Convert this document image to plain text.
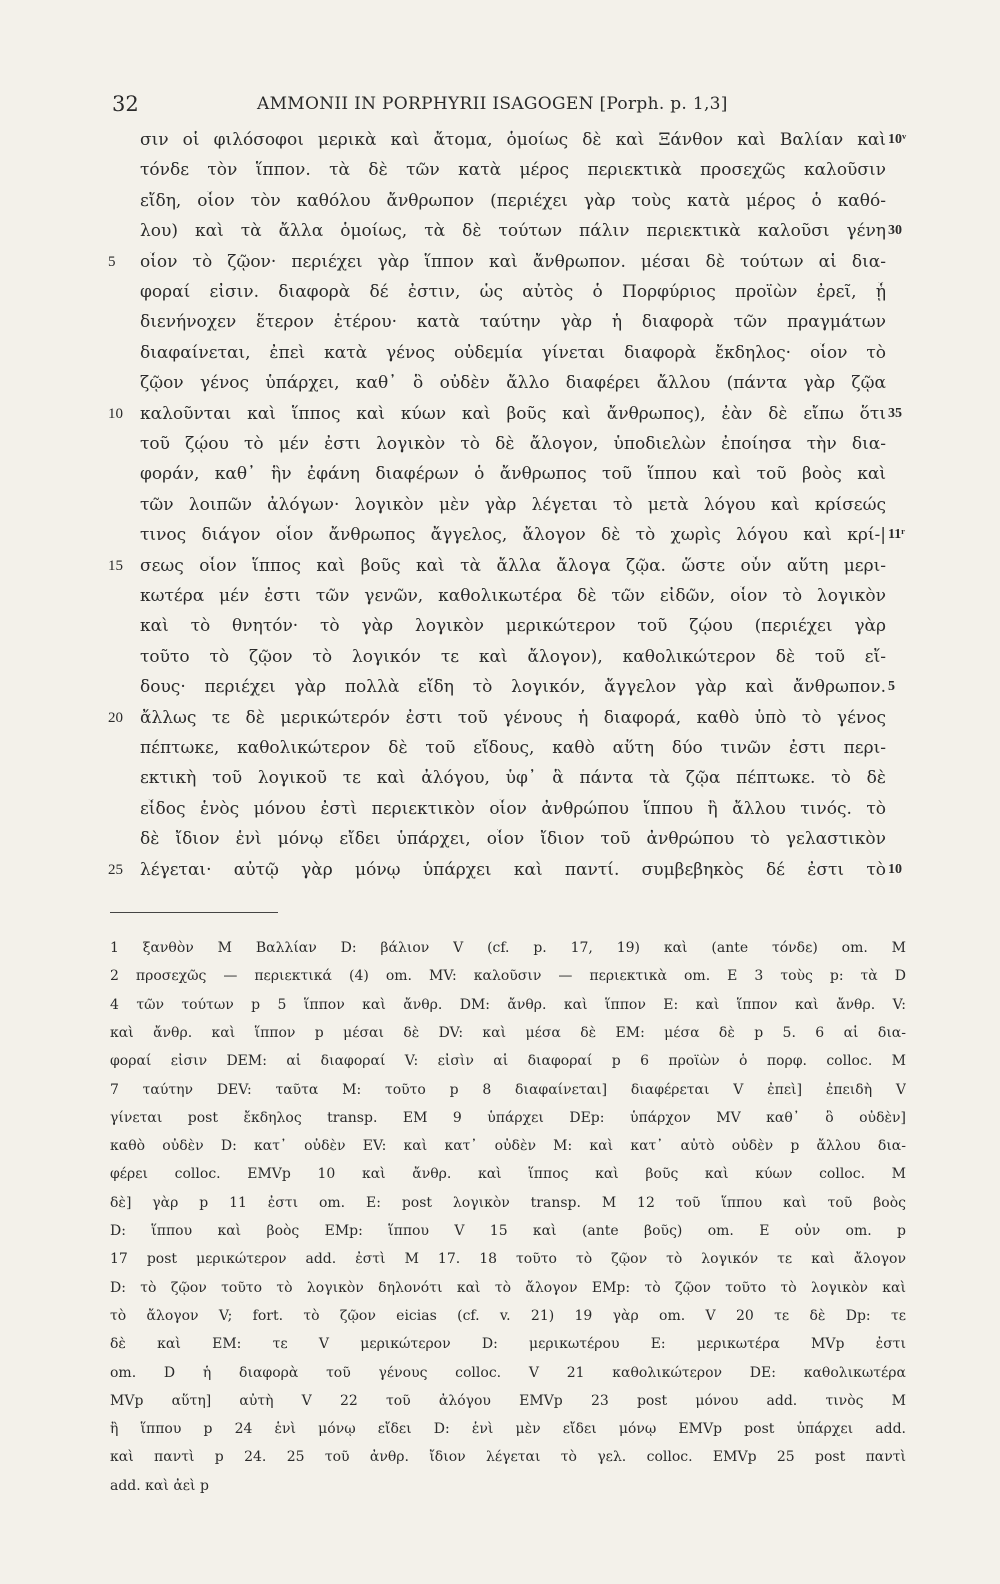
32	AMMONII IN PORPHYRII ISAGOGEN [Porph. p. 1,3]
σιν οἱ φιλόσοφοι μερικὰ καὶ ἄτομα, ὁμοίως δὲ καὶ Ξάνθον καὶ Βαλίαν καὶ 10ᵛ
τόνδε τὸν ἵππον. τὰ δὲ τῶν κατὰ μέρος περιεκτικὰ προσεχῶς καλοῦσιν
εἴδη, οἷον τὸν καθόλου ἄνθρωπον (περιέχει γὰρ τοὺς κατὰ μέρος ὁ καθό-
λου) καὶ τὰ ἄλλα ὁμοίως, τὰ δὲ τούτων πάλιν περιεκτικὰ καλοῦσι γένη 30
5 οἷον τὸ ζῷον· περιέχει γὰρ ἵππον καὶ ἄνθρωπον. μέσαι δὲ τούτων αἱ δια-
φοραί εἰσιν. διαφορὰ δέ ἐστιν, ὡς αὐτὸς ὁ Πορφύριος προϊὼν ἐρεῖ, ᾗ
διενήνοχεν ἕτερον ἑτέρου· κατὰ ταύτην γὰρ ἡ διαφορὰ τῶν πραγμάτων
διαφαίνεται, ἐπεὶ κατὰ γένος οὐδεμία γίνεται διαφορὰ ἔκδηλος· οἷον τὸ
ζῷον γένος ὑπάρχει, καθ᾽ ὃ οὐδὲν ἄλλο διαφέρει ἄλλου (πάντα γὰρ ζῷα
10 καλοῦνται καὶ ἵππος καὶ κύων καὶ βοῦς καὶ ἄνθρωπος), ἐὰν δὲ εἴπω ὅτι 35
τοῦ ζῴου τὸ μέν ἐστι λογικὸν τὸ δὲ ἄλογον, ὑποδιελὼν ἐποίησα τὴν δια-
φοράν, καθ᾽ ἣν ἐφάνη διαφέρων ὁ ἄνθρωπος τοῦ ἵππου καὶ τοῦ βοὸς καὶ
τῶν λοιπῶν ἀλόγων· λογικὸν μὲν γὰρ λέγεται τὸ μετὰ λόγου καὶ κρίσεώς
τινος διάγον οἷον ἄνθρωπος ἄγγελος, ἄλογον δὲ τὸ χωρὶς λόγου καὶ κρί-| 11ʳ
15 σεως οἷον ἵππος καὶ βοῦς καὶ τὰ ἄλλα ἄλογα ζῷα. ὥστε οὖν αὕτη μερι-
κωτέρα μέν ἐστι τῶν γενῶν, καθολικωτέρα δὲ τῶν εἰδῶν, οἷον τὸ λογικὸν
καὶ τὸ θνητόν· τὸ γὰρ λογικὸν μερικώτερον τοῦ ζῴου (περιέχει γὰρ
τοῦτο τὸ ζῷον τὸ λογικόν τε καὶ ἄλογον), καθολικώτερον δὲ τοῦ εἴ-
δους· περιέχει γὰρ πολλὰ εἴδη τὸ λογικόν, ἄγγελον γὰρ καὶ ἄνθρωπον. 5
20 ἄλλως τε δὲ μερικώτερόν ἐστι τοῦ γένους ἡ διαφορά, καθὸ ὑπὸ τὸ γένος
πέπτωκε, καθολικώτερον δὲ τοῦ εἴδους, καθὸ αὕτη δύο τινῶν ἐστι περι-
εκτικὴ τοῦ λογικοῦ τε καὶ ἀλόγου, ὑφ᾽ ἃ πάντα τὰ ζῷα πέπτωκε. τὸ δὲ
εἶδος ἑνὸς μόνου ἐστὶ περιεκτικὸν οἷον ἀνθρώπου ἵππου ἢ ἄλλου τινός. τὸ
δὲ ἴδιον ἑνὶ μόνῳ εἴδει ὑπάρχει, οἷον ἴδιον τοῦ ἀνθρώπου τὸ γελαστικὸν
25 λέγεται· αὐτῷ γὰρ μόνῳ ὑπάρχει καὶ παντί. συμβεβηκὸς δέ ἐστι τὸ 10
1 ξανθὸν M Βαλλίαν D: βάλιον V (cf. p. 17, 19) καὶ (ante τόνδε) om. M
2 προσεχῶς — περιεκτικά (4) om. MV: καλοῦσιν — περιεκτικὰ om. E 3 τοὺς p: τὰ D
4 τῶν τούτων p 5 ἵππον καὶ ἄνθρ. DM: ἄνθρ. καὶ ἵππον E: καὶ ἵππον καὶ ἄνθρ. V:
καὶ ἄνθρ. καὶ ἵππον p μέσαι δὲ DV: καὶ μέσα δὲ EM: μέσα δὲ p 5. 6 αἱ δια-
φοραί εἰσιν DEM: αἱ διαφοραί V: εἰσὶν αἱ διαφοραί p 6 προϊὼν ὁ πορφ. colloc. M
7 ταύτην DEV: ταῦτα M: τοῦτο p 8 διαφαίνεται] διαφέρεται V ἐπεὶ] ἐπειδὴ V
γίνεται post ἔκδηλος transp. EM 9 ὑπάρχει DEp: ὑπάρχον MV καθ᾽ ὃ οὐδὲν]
καθὸ οὐδὲν D: κατ᾽ οὐδὲν EV: καὶ κατ᾽ οὐδὲν M: καὶ κατ᾽ αὐτὸ οὐδὲν p ἄλλου δια-
φέρει colloc. EMVp 10 καὶ ἄνθρ. καὶ ἵππος καὶ βοῦς καὶ κύων colloc. M
δὲ] γὰρ p 11 ἐστι om. E: post λογικὸν transp. M 12 τοῦ ἵππου καὶ τοῦ βοὸς
D: ἵππου καὶ βοὸς EMp: ἵππου V 15 καὶ (ante βοῦς) om. E οὖν om. p
17 post μερικώτερον add. ἐστὶ M 17. 18 τοῦτο τὸ ζῷον τὸ λογικόν τε καὶ ἄλογον
D: τὸ ζῷον τοῦτο τὸ λογικὸν δηλονότι καὶ τὸ ἄλογον EMp: τὸ ζῷον τοῦτο τὸ λογικὸν καὶ
τὸ ἄλογον V; fort. τὸ ζῷον eicias (cf. v. 21) 19 γὰρ om. V 20 τε δὲ Dp: τε
δὲ καὶ EM: τε V μερικώτερον D: μερικωτέρου E: μερικωτέρα MVp ἐστι
om. D ἡ διαφορὰ τοῦ γένους colloc. V 21 καθολικώτερον DE: καθολικωτέρα
MVp αὕτη] αὐτὴ V 22 τοῦ ἀλόγου EMVp 23 post μόνου add. τινὸς M
ἢ ἵππου p 24 ἑνὶ μόνῳ εἴδει D: ἑνὶ μὲν εἴδει μόνῳ EMVp post ὑπάρχει add.
καὶ παντὶ p 24. 25 τοῦ ἀνθρ. ἴδιον λέγεται τὸ γελ. colloc. EMVp 25 post παντὶ
add. καὶ ἀεὶ p
